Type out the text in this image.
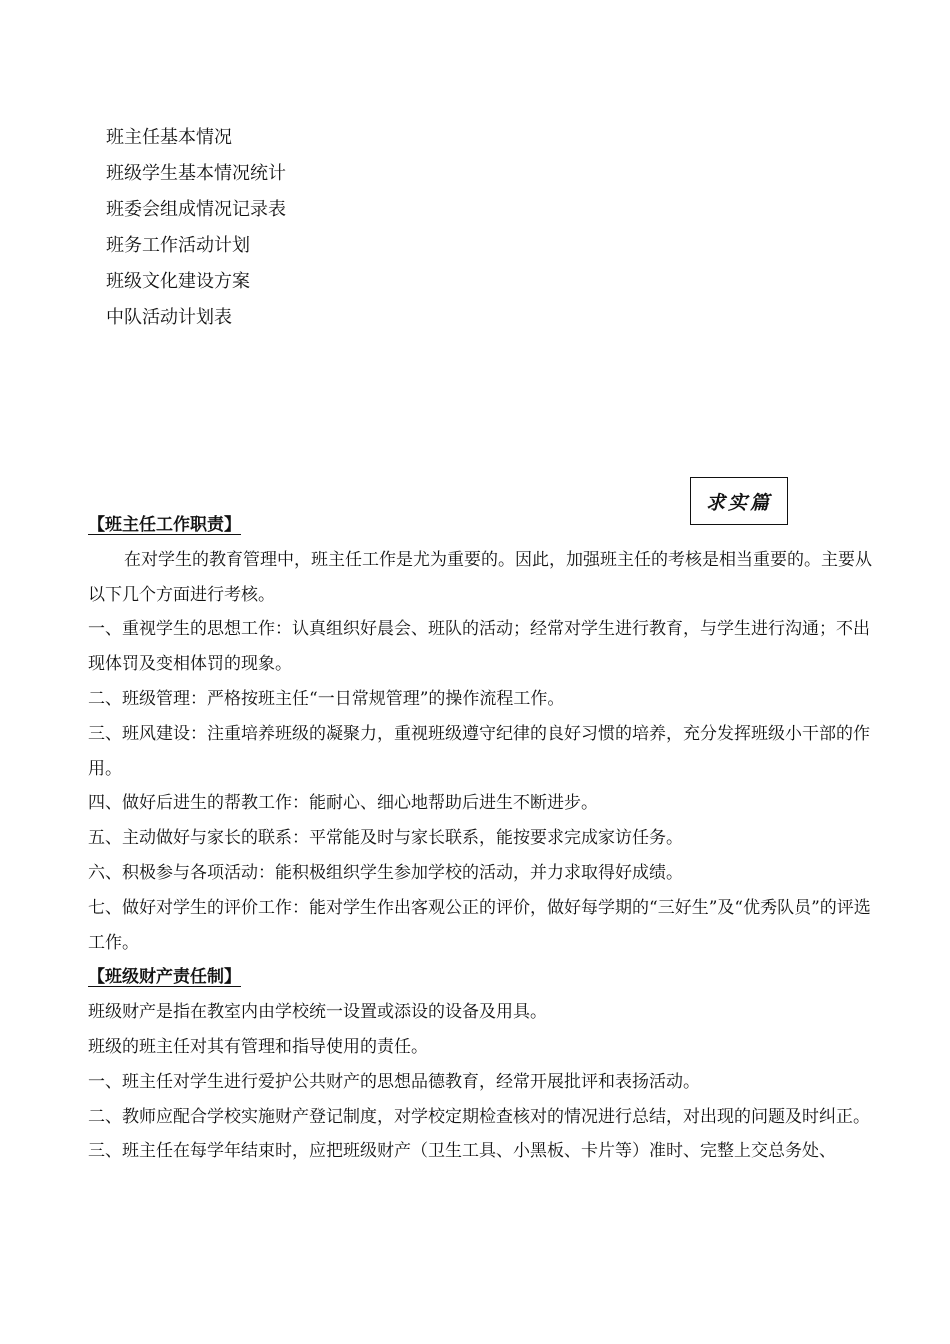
班主任基本情况
班级学生基本情况统计
班委会组成情况记录表
班务工作活动计划
班级文化建设方案
中队活动计划表
求实篇

【班主任工作职责】

在对学生的教育管理中，班主任工作是尤为重要的。因此，加强班主任的考核是相当重要的。主要从以下几个方面进行考核。

一、重视学生的思想工作：认真组织好晨会、班队的活动；经常对学生进行教育，与学生进行沟通；不出现体罚及变相体罚的现象。

二、班级管理：严格按班主任“一日常规管理”的操作流程工作。

三、班风建设：注重培养班级的凝聚力，重视班级遵守纪律的良好习惯的培养，充分发挥班级小干部的作用。

四、做好后进生的帮教工作：能耐心、细心地帮助后进生不断进步。

五、主动做好与家长的联系：平常能及时与家长联系，能按要求完成家访任务。

六、积极参与各项活动：能积极组织学生参加学校的活动，并力求取得好成绩。

七、做好对学生的评价工作：能对学生作出客观公正的评价，做好每学期的“三好生”及“优秀队员”的评选工作。

【班级财产责任制】

班级财产是指在教室内由学校统一设置或添设的设备及用具。

班级的班主任对其有管理和指导使用的责任。

一、班主任对学生进行爱护公共财产的思想品德教育，经常开展批评和表扬活动。

二、教师应配合学校实施财产登记制度，对学校定期检查核对的情况进行总结，对出现的问题及时纠正。

三、班主任在每学年结束时，应把班级财产（卫生工具、小黑板、卡片等）准时、完整上交总务处、
